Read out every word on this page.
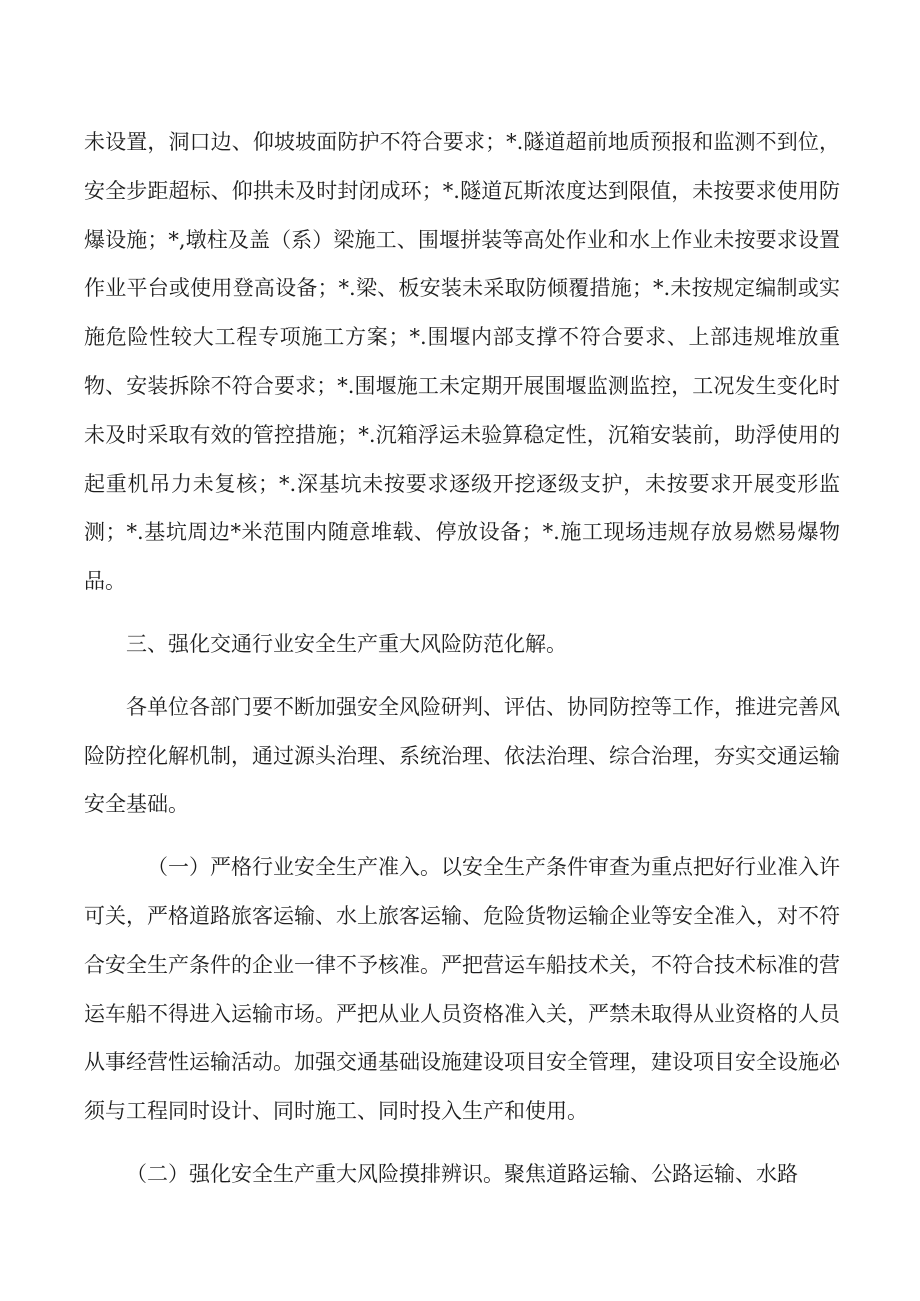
未设置，洞口边、仰坡坡面防护不符合要求；*.隧道超前地质预报和监测不到位，安全步距超标、仰拱未及时封闭成环；*.隧道瓦斯浓度达到限值，未按要求使用防爆设施；*,墩柱及盖（系）梁施工、围堰拼装等高处作业和水上作业未按要求设置作业平台或使用登高设备；*.梁、板安装未采取防倾覆措施；*.未按规定编制或实施危险性较大工程专项施工方案；*.围堰内部支撑不符合要求、上部违规堆放重物、安装拆除不符合要求；*.围堰施工未定期开展围堰监测监控，工况发生变化时未及时采取有效的管控措施；*.沉箱浮运未验算稳定性，沉箱安装前，助浮使用的起重机吊力未复核；*.深基坑未按要求逐级开挖逐级支护，未按要求开展变形监测；*.基坑周边*米范围内随意堆载、停放设备；*.施工现场违规存放易燃易爆物品。

三、强化交通行业安全生产重大风险防范化解。

各单位各部门要不断加强安全风险研判、评估、协同防控等工作，推进完善风险防控化解机制，通过源头治理、系统治理、依法治理、综合治理，夯实交通运输安全基础。

（一）严格行业安全生产准入。以安全生产条件审查为重点把好行业准入许可关，严格道路旅客运输、水上旅客运输、危险货物运输企业等安全准入，对不符合安全生产条件的企业一律不予核准。严把营运车船技术关，不符合技术标准的营运车船不得进入运输市场。严把从业人员资格准入关，严禁未取得从业资格的人员从事经营性运输活动。加强交通基础设施建设项目安全管理，建设项目安全设施必须与工程同时设计、同时施工、同时投入生产和使用。

（二）强化安全生产重大风险摸排辨识。聚焦道路运输、公路运输、水路
